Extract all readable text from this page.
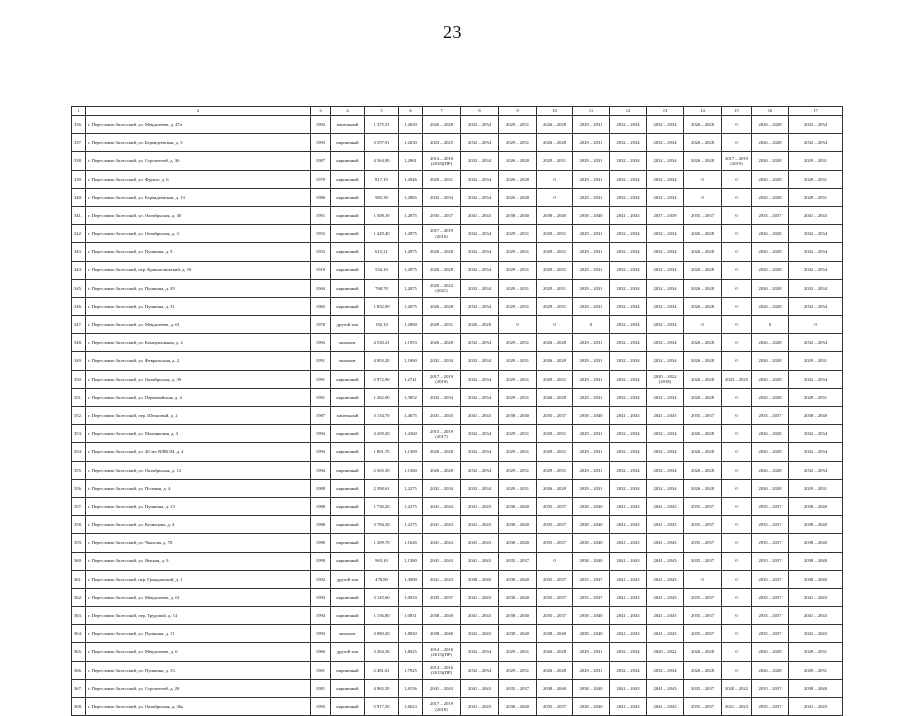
23
1	2	3	4	5	6	7	8	9	10	11	12	13	14	15	16	17
336.	г. Переславль-Залесский, ул. Менделеева, д. 47а	1992	панельный	1 375,51	1,2650	2026 – 2028	2032 – 2034	2029 – 2031	2026 – 2028	2029 – 2031	2032 – 2034	2032 – 2034	2026 – 2028	0	2026 – 2028	2032 – 2034
337.	г. Переславль-Залесский, ул. Берендеевская, д. 5	1993	кирпичный	3 557,91	1,2650	2023 – 2025	2032 – 2034	2029 – 2031	2026 – 2028	2029 – 2031	2032 – 2034	2032 – 2034	2026 – 2028	0	2026 – 2028	2032 – 2034
338.	г. Переславль-Залесский, ул. Строителей, д. 36	1987	кирпичный	4 564,90	1,2861	2014 – 2016 (2018)(ПР)	2032 – 2034	2026 – 2028	2029 – 2031	2029 – 2031	2032 – 2034	2032 – 2034	2026 – 2028	2017 – 2019 (2019)	2026 – 2028	2029 – 2031
339.	г. Переславль-Залесский, ул. Фрунзе, д. 6	1979	кирпичный	817,10	1,2846	2029 – 2031	2032 – 2034	2026 – 2028	0	2029 – 2031	2032 – 2034	2032 – 2034	0	0	2026 – 2028	2029 – 2031
340.	г. Переславль-Залесский, ул. Берендеевская, д. 13	1986	кирпичный	965,30	1,2865	2032 – 2034	2032 – 2034	2026 – 2028	0	2029 – 2031	2032 – 2034	2032 – 2034	0	0	2026 – 2028	2029 – 2031
341.	г. Переславль-Залесский, ул. Октябрьская, д. 40	1991	кирпичный	1 508,10	1,2875	2035 – 2037	2041 – 2043	2038 – 2040	2038 – 2040	2038 – 2040	2041 – 2043	2037 – 2039	2035 – 2037	0	2035 – 2037	2041 – 2043
342.	г. Переславль-Залесский, ул. Октябрьская, д. 3	1953	кирпичный	1 429,40	1,2875	2017 – 2019 (2016)	2032 – 2034	2029 – 2031	2029 – 2031	2029 – 2031	2032 – 2034	2032 – 2034	2026 – 2028	0	2026 – 2028	2032 – 2034
343.	г. Переславль-Залесский, ул. Пушкина, д. 9	1953	кирпичный	615,21	1,2875	2026 – 2028	2032 – 2034	2029 – 2031	2029 – 2031	2029 – 2031	2032 – 2034	2032 – 2034	2026 – 2028	0	2026 – 2028	2032 – 2034
344.	г. Переславль-Залесский, пер. Кринагоновский, д. 10	1910	кирпичный	534,10	1,2875	2026 – 2028	2032 – 2034	2029 – 2031	2029 – 2031	2029 – 2031	2032 – 2034	2032 – 2034	2026 – 2028	0	2026 – 2028	2032 – 2034
345.	г. Переславль-Залесский, ул. Пушкина, д. 29	1964	кирпичный	768,70	1,2875	2020 – 2022 (2021)	2032 – 2034	2029 – 2031	2029 – 2031	2029 – 2031	2032 – 2034	2032 – 2034	2026 – 2028	0	2026 – 2028	2032 – 2034
346.	г. Переславль-Залесский, ул. Пушкина, д. 31	1965	кирпичный	1 832,90	1,2875	2026 – 2028	2032 – 2034	2029 – 2031	2029 – 2031	2029 – 2031	2032 – 2034	2032 – 2034	2026 – 2028	0	2026 – 2028	2032 – 2034
347.	г. Переславль-Залесский, ул. Менделеева, д. 61	1970	другой тип	192,10	1,2900	2029 – 2031	2026 – 2028	0	0	0	2032 – 2034	2032 – 2034	0	0	0	0
348.	г. Переславль-Залесский, ул. Коммунальная, д. 2	1992	монолит	4 530,41	1,1953	2026 – 2028	2032 – 2034	2029 – 2031	2026 – 2028	2029 – 2031	2032 – 2034	2032 – 2034	2026 – 2028	0	2026 – 2028	2032 – 2034
349.	г. Переславль-Залесский, ул. Февральская, д. 2	1991	монолит	4 003,20	1,1860	2032 – 2034	2032 – 2034	2029 – 2031	2026 – 2028	2029 – 2031	2032 – 2034	2032 – 2034	2026 – 2028	0	2026 – 2028	2029 – 2031
350.	г. Переславль-Залесский, ул. Октябрьская, д. 39	1991	кирпичный	5 972,90	1,2741	2017 – 2019 (2018)	2032 – 2034	2029 – 2031	2029 – 2031	2029 – 2031	2032 – 2034	2020 – 2022 (2018)	2026 – 2028	2023 – 2025	2026 – 2028	2032 – 2034
351.	г. Переславль-Залесский, ул. Первомайская, д. 4	1991	кирпичный	1 262,00	1,3852	2032 – 2034	2032 – 2034	2029 – 2031	2026 – 2028	2029 – 2031	2032 – 2034	2032 – 2034	2026 – 2028	0	2026 – 2028	2029 – 2031
352.	г. Переславль-Залесский, пер. Шелковый, д. 2	1987	панельный	3 134,70	1,4675	2041 – 2043	2041 – 2043	2038 – 2040	2035 – 2037	2038 – 2040	2041 – 2043	2041 – 2043	2035 – 2037	0	2035 – 2037	2038 – 2040
353.	г. Переславль-Залесский, ул. Малинковая, д. 3	1994	кирпичный	4 459,20	1,2360	2015 – 2019 (2017)	2032 – 2034	2029 – 2031	2029 – 2031	2029 – 2031	2032 – 2034	2032 – 2034	2026 – 2028	0	2026 – 2028	2032 – 2034
354.	г. Переславль-Залесский, ул. 40 лет ВЛКСМ, д. 4	1994	кирпичный	1 801,70	1,1369	2026 – 2028	2032 – 2034	2029 – 2031	2029 – 2031	2029 – 2031	2032 – 2034	2032 – 2034	2026 – 2028	0	2026 – 2028	2032 – 2034
355.	г. Переславль-Залесский, ул. Октябрьская, д. 12	1994	кирпичный	2 563,30	1,1360	2026 – 2028	2032 – 2034	2029 – 2031	2029 – 2031	2029 – 2031	2032 – 2034	2032 – 2034	2026 – 2028	0	2026 – 2028	2032 – 2034
356.	г. Переславль-Залесский, ул. Полевая, д. 4	1988	кирпичный	2 398,61	1,2275	2032 – 2034	2032 – 2034	2029 – 2031	2026 – 2028	2029 – 2031	2032 – 2034	2032 – 2034	2026 – 2028	0	2026 – 2028	2029 – 2031
357.	г. Переславль-Залесский, ул. Пушкина, д. 13	1988	кирпичный	1 730,20	1,2275	2041 – 2043	2041 – 2043	2038 – 2040	2035 – 2037	2038 – 2040	2041 – 2043	2041 – 2043	2035 – 2037	0	2035 – 2037	2038 – 2040
358.	г. Переславль-Залесский, ул. Кузнецова, д. 4	1988	кирпичный	3 784,30	1,2275	2041 – 2043	2041 – 2043	2038 – 2040	2035 – 2037	2038 – 2040	2041 – 2043	2041 – 2043	2035 – 2037	0	2035 – 2037	2038 – 2040
359.	г. Переславль-Залесский, ул. Чкалова, д. 78	1990	кирпичный	1 209,70	1,1626	2041 – 2043	2041 – 2043	2038 – 2040	2035 – 2037	2038 – 2040	2041 – 2043	2041 – 2043	2035 – 2037	0	2035 – 2037	2038 – 2040
360.	г. Переславль-Залесский, ул. Ямская, д. 9	1990	кирпичный	963,10	1,1380	2041 – 2043	2041 – 2043	2035 – 2037	0	2038 – 2040	2041 – 2043	2041 – 2043	2035 – 2037	0	2035 – 2037	2038 – 2040
361.	г. Переславль-Залесский, пер. Гражданский, д. 1	1992	другой тип	478,80	1,3000	2041 – 2043	2038 – 2040	2038 – 2040	2035 – 2037	2035 – 2037	2041 – 2043	2041 – 2043	0	0	2035 – 2037	2038 – 2040
362.	г. Переславль-Залесский, ул. Менделеева, д. 61	1993	кирпичный	3 145,60	1,0933	2035 – 2037	2041 – 2043	2038 – 2040	2035 – 2037	2035 – 2037	2041 – 2043	2041 – 2043	2035 – 2037	0	2035 – 2037	2041 – 2043
363.	г. Переславль-Залесский, пер. Трудовой, д. 14	1994	кирпичный	1 136,80	1,0831	2038 – 2040	2041 – 2043	2038 – 2040	2035 – 2037	2038 – 2040	2041 – 2043	2041 – 2043	2035 – 2037	0	2035 – 2037	2041 – 2043
364.	г. Переславль-Залесский, ул. Пушкина, д. 11	1993	монолит	3 880,20	1,8820	2038 – 2040	2041 – 2043	2038 – 2040	2038 – 2040	2038 – 2040	2041 – 2043	2041 – 2043	2035 – 2037	0	2035 – 2037	2041 – 2043
365.	г. Переславль-Залесский, ул. Менделеева, д. 6	1960	другой тип	3 264,30	1,8025	2014 – 2016 (2015)(ПР)	2032 – 2034	2029 – 2031	2026 – 2028	2029 – 2031	2032 – 2034	2020 – 2022	2026 – 2028	0	2026 – 2028	2029 – 2031
366.	г. Переславль-Залесский, ул. Пушкина, д. 33	1961	кирпичный	2 481,61	1,7925	2014 – 2016 (2015)(ПР)	2032 – 2034	2029 – 2031	2026 – 2028	2029 – 2031	2032 – 2034	2032 – 2034	2026 – 2028	0	2026 – 2028	2029 – 2031
367.	г. Переславль-Залесский, ул. Строителей, д. 28	1981	кирпичный	4 965,50	1,8156	2041 – 2043	2041 – 2043	2035 – 2037	2038 – 2040	2038 – 2040	2041 – 2043	2041 – 2043	2035 – 2037	2020 – 2022	2035 – 2037	2038 – 2040
368.	г. Переславль-Залесский, ул. Октябрьская, д. 36а	1992	кирпичный	5 917,50	1,6623	2017 – 2019 (2018)	2041 – 2043	2038 – 2040	2035 – 2037	2038 – 2040	2041 – 2043	2041 – 2043	2035 – 2037	2021 – 2023	2035 – 2037	2041 – 2043
